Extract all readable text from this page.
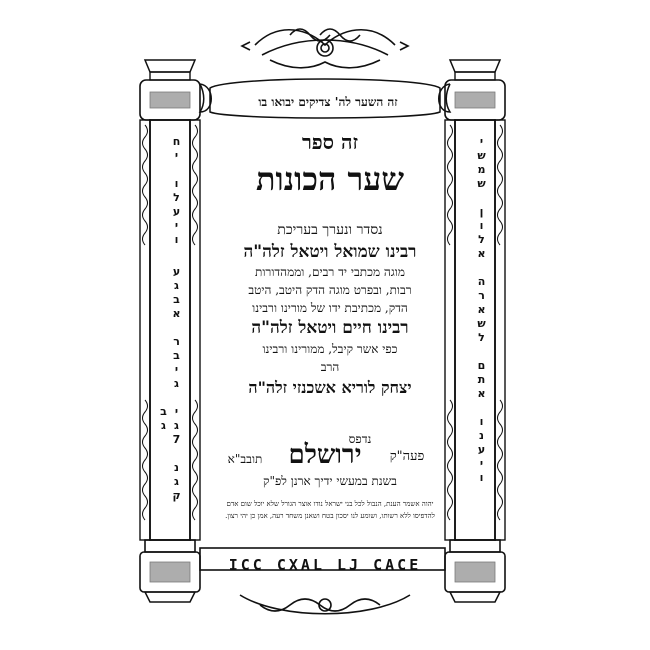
זה השער לה' צדיקים יבואו בו
זה ספר
שער הכונות
נסדר ונערך בעריכת
רבינו שמואל ויטאל זלה"ה
מוגה מכתבי יד רבים, וממהדורות
רבות, ובפרט מוגה הדק היטב, היטב
הדק, מכתיבת ידו של מורינו ורבינו
רבינו חיים ויטאל זלה"ה
כפי אשר קיבל, ממורינו ורבינו
הרב
יצחק לוריא אשכנזי זלה"ה
נדפס
פעה"ק
ירושלם
תובב"א
בשנת במעשי ידיך ארנן לפ"ק
יהוה אשמר הענת, הנבול לכל בני ישראל נודו אוצר הגורל שלא יוכל שום אדם
להדפיסו ללא רשותו, ושומע לנו יסכון בטח ושאנן משחד רעה, אמן כן יהי רצון.
ויענו אתם לשארה אלון שמשי
ויעלו יח
גיבר אבגע
קגנ 7גי גב
ICC CXAL LJ CACE
